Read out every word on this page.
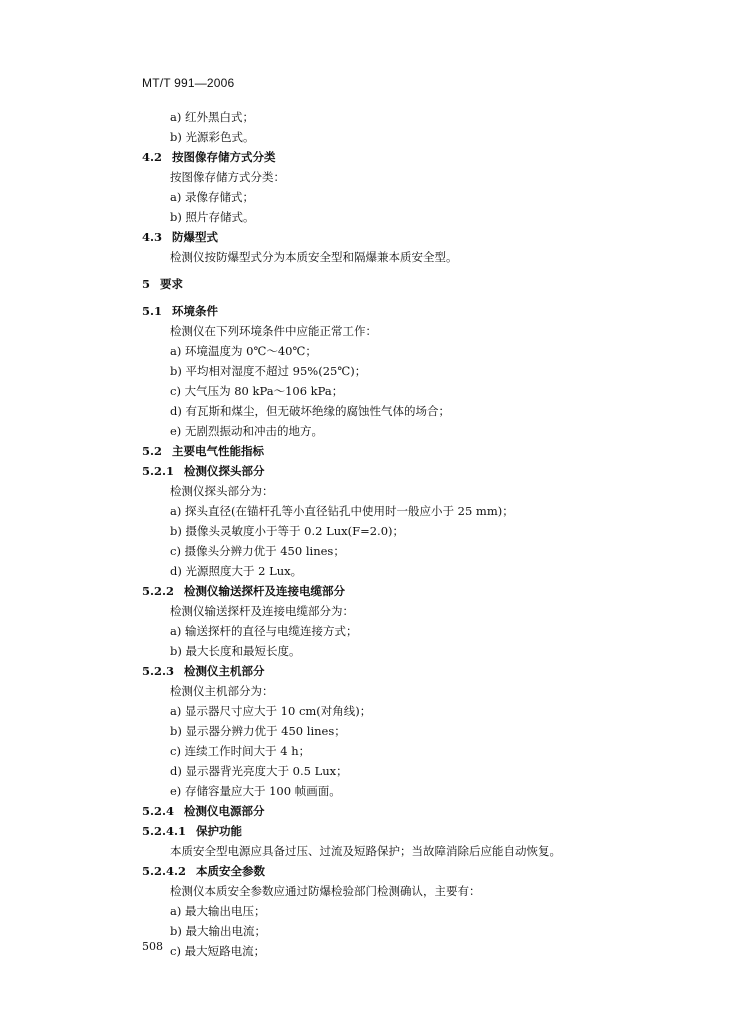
MT/T 991—2006
a) 红外黑白式；
b) 光源彩色式。
4.2 按图像存储方式分类
按图像存储方式分类：
a) 录像存储式；
b) 照片存储式。
4.3 防爆型式
检测仪按防爆型式分为本质安全型和隔爆兼本质安全型。
5 要求
5.1 环境条件
检测仪在下列环境条件中应能正常工作：
a) 环境温度为 0℃～40℃；
b) 平均相对湿度不超过 95%(25℃)；
c) 大气压为 80 kPa～106 kPa；
d) 有瓦斯和煤尘，但无破坏绝缘的腐蚀性气体的场合；
e) 无剧烈振动和冲击的地方。
5.2 主要电气性能指标
5.2.1 检测仪探头部分
检测仪探头部分为：
a) 探头直径(在锚杆孔等小直径钻孔中使用时一般应小于 25 mm)；
b) 摄像头灵敏度小于等于 0.2 Lux(F=2.0)；
c) 摄像头分辨力优于 450 lines；
d) 光源照度大于 2 Lux。
5.2.2 检测仪输送探杆及连接电缆部分
检测仪输送探杆及连接电缆部分为：
a) 输送探杆的直径与电缆连接方式；
b) 最大长度和最短长度。
5.2.3 检测仪主机部分
检测仪主机部分为：
a) 显示器尺寸应大于 10 cm(对角线)；
b) 显示器分辨力优于 450 lines；
c) 连续工作时间大于 4 h；
d) 显示器背光亮度大于 0.5 Lux；
e) 存储容量应大于 100 帧画面。
5.2.4 检测仪电源部分
5.2.4.1 保护功能
本质安全型电源应具备过压、过流及短路保护；当故障消除后应能自动恢复。
5.2.4.2 本质安全参数
检测仪本质安全参数应通过防爆检验部门检测确认，主要有：
a) 最大输出电压；
b) 最大输出电流；
c) 最大短路电流；
508
